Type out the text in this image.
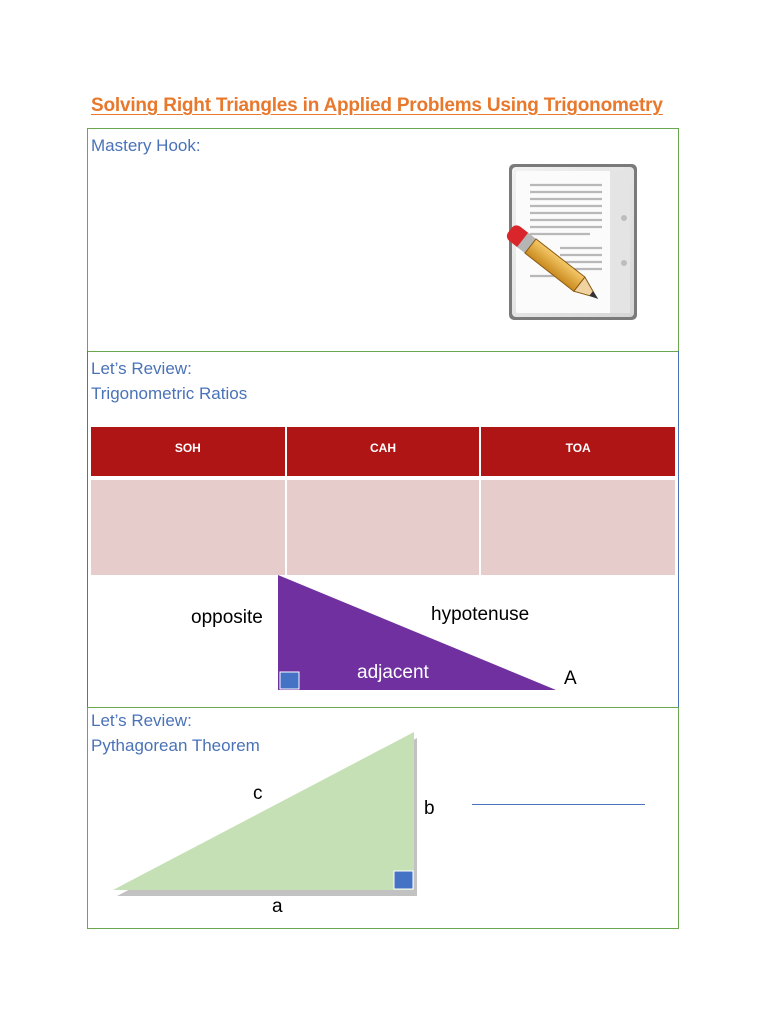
Solving Right Triangles in Applied Problems Using Trigonometry
Mastery Hook:
Let’s Review:
Trigonometric Ratios
SOH	CAH	TOA

opposite	hypotenuse
adjacent	A
Let’s Review:
Pythagorean Theorem
c
b
a
